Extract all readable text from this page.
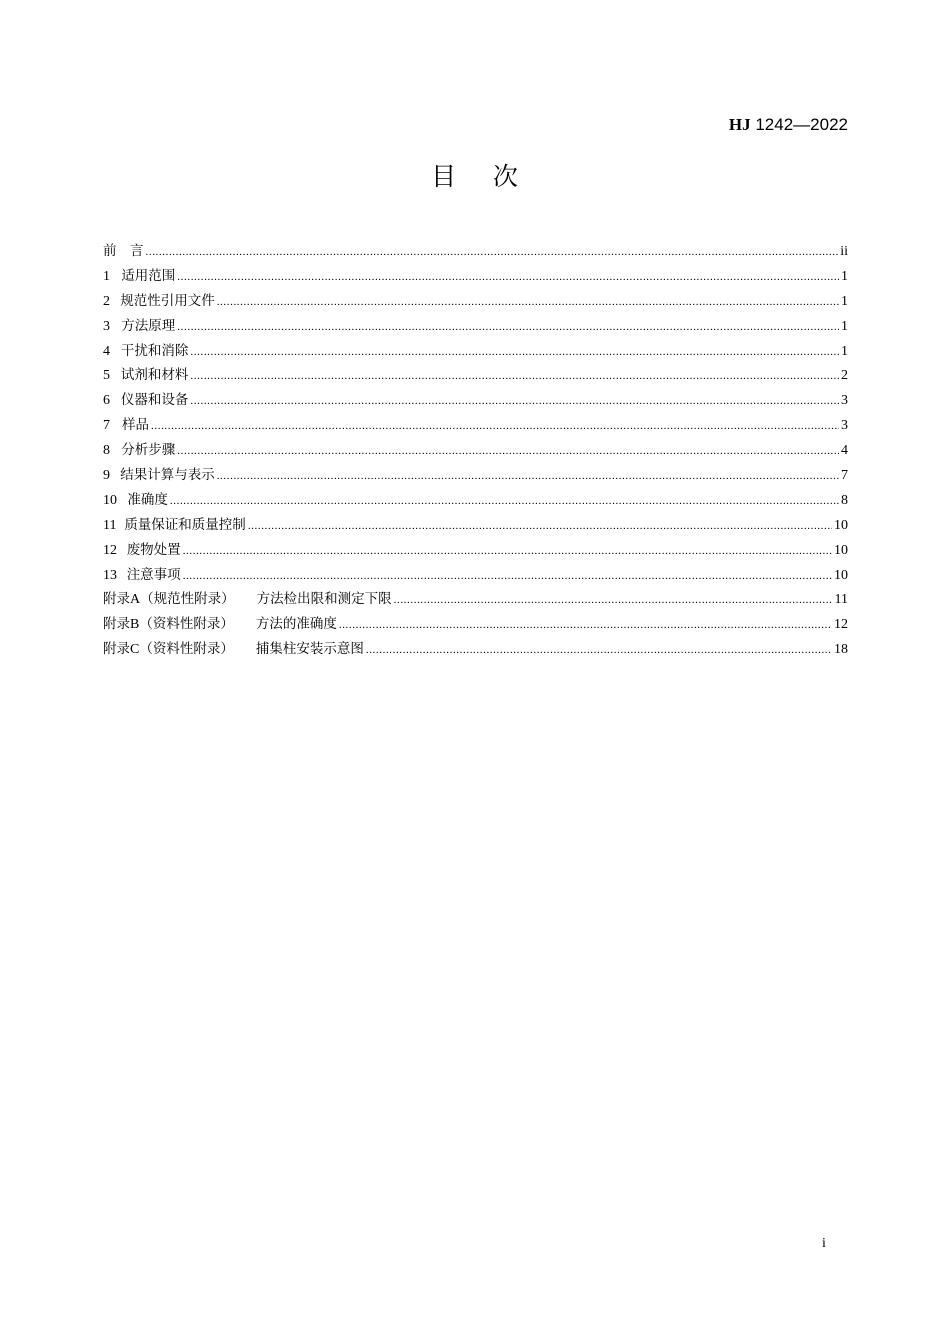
HJ 1242—2022
目    次
前　言 .....	ii
1 适用范围 .....	1
2 规范性引用文件 .....	1
3 方法原理 .....	1
4 干扰和消除 .....	1
5 试剂和材料 .....	2
6 仪器和设备 .....	3
7 样品 .....	3
8 分析步骤 .....	4
9 结果计算与表示 .....	7
10 准确度 .....	8
11 质量保证和质量控制 .....	10
12 废物处置 .....	10
13 注意事项 .....	10
附录 A （规范性附录） 方法检出限和测定下限 .....	11
附录 B （资料性附录） 方法的准确度 .....	12
附录 C （资料性附录） 捕集柱安装示意图 .....	18
i
